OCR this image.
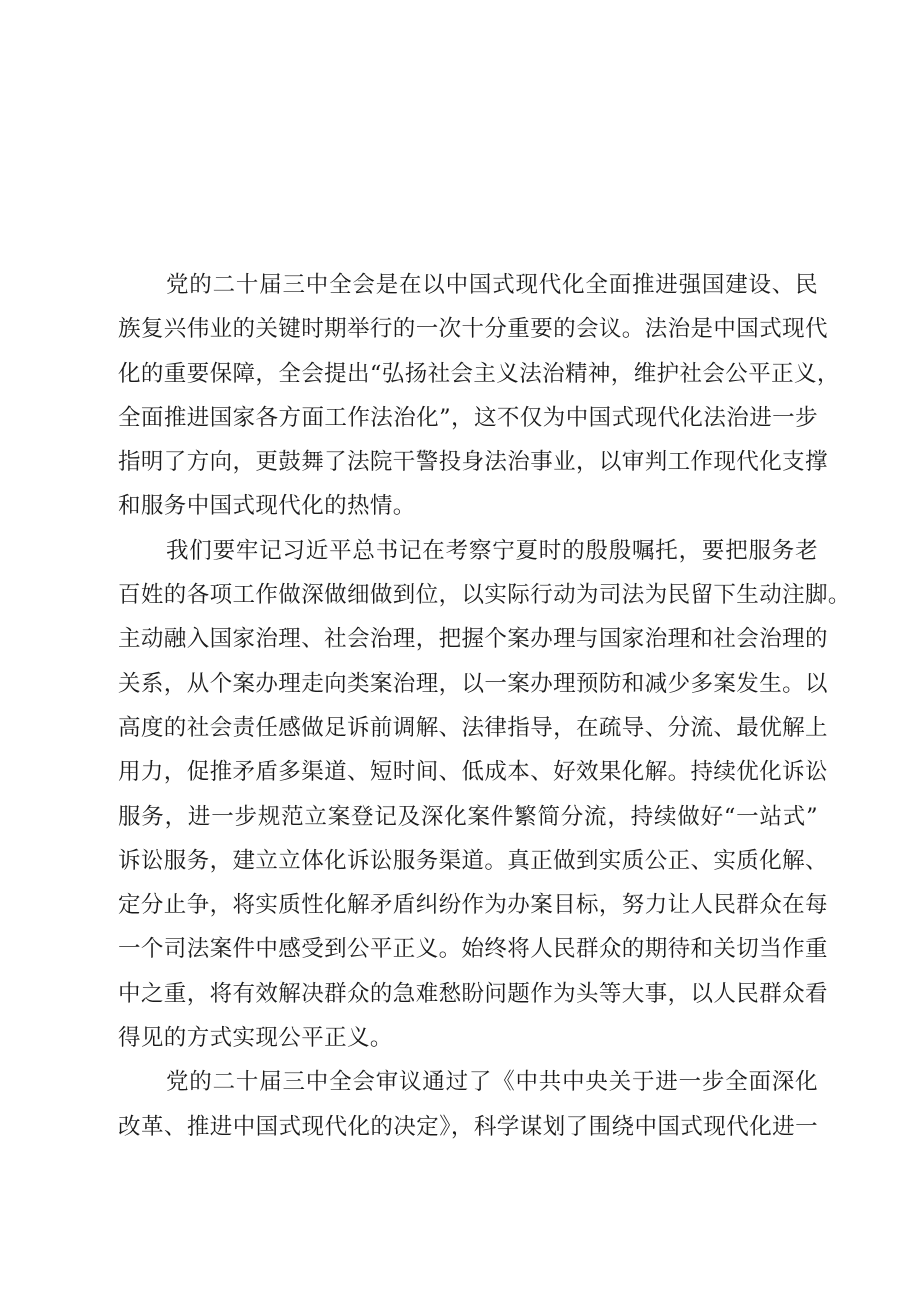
党的二十届三中全会是在以中国式现代化全面推进强国建设、民
族复兴伟业的关键时期举行的一次十分重要的会议。法治是中国式现代
化的重要保障，全会提出“弘扬社会主义法治精神，维护社会公平正义，
全面推进国家各方面工作法治化”，这不仅为中国式现代化法治进一步
指明了方向，更鼓舞了法院干警投身法治事业，以审判工作现代化支撑
和服务中国式现代化的热情。
我们要牢记习近平总书记在考察宁夏时的殷殷嘱托，要把服务老
百姓的各项工作做深做细做到位，以实际行动为司法为民留下生动注脚。
主动融入国家治理、社会治理，把握个案办理与国家治理和社会治理的
关系，从个案办理走向类案治理，以一案办理预防和减少多案发生。以
高度的社会责任感做足诉前调解、法律指导，在疏导、分流、最优解上
用力，促推矛盾多渠道、短时间、低成本、好效果化解。持续优化诉讼
服务，进一步规范立案登记及深化案件繁简分流，持续做好“一站式”
诉讼服务，建立立体化诉讼服务渠道。真正做到实质公正、实质化解、
定分止争，将实质性化解矛盾纠纷作为办案目标，努力让人民群众在每
一个司法案件中感受到公平正义。始终将人民群众的期待和关切当作重
中之重，将有效解决群众的急难愁盼问题作为头等大事，以人民群众看
得见的方式实现公平正义。
党的二十届三中全会审议通过了《中共中央关于进一步全面深化
改革、推进中国式现代化的决定》，科学谋划了围绕中国式现代化进一
